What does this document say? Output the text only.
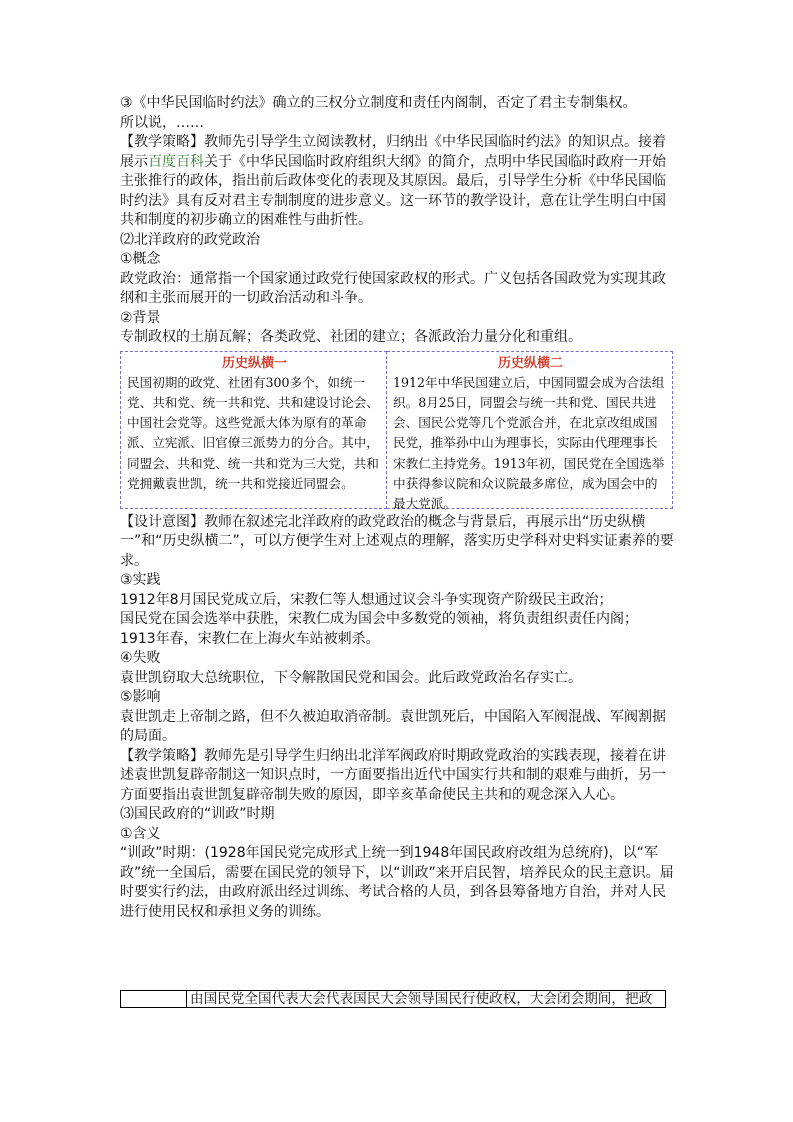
③《中华民国临时约法》确立的三权分立制度和责任内阁制，否定了君主专制集权。

所以说，……

【教学策略】教师先引导学生立阅读教材，归纳出《中华民国临时约法》的知识点。接着展示百度百科关于《中华民国临时政府组织大纲》的简介，点明中华民国临时政府一开始主张推行的政体，指出前后政体变化的表现及其原因。最后，引导学生分析《中华民国临时约法》具有反对君主专制制度的进步意义。这一环节的教学设计，意在让学生明白中国共和制度的初步确立的困难性与曲折性。

⑵北洋政府的政党政治

①概念

政党政治：通常指一个国家通过政党行使国家政权的形式。广义包括各国政党为实现其政纲和主张而展开的一切政治活动和斗争。

②背景

专制政权的土崩瓦解；各类政党、社团的建立；各派政治力量分化和重组。

历史纵横一
民国初期的政党、社团有300多个，如统一党、共和党、统一共和党、共和建设讨论会、中国社会党等。这些党派大体为原有的革命派、立宪派、旧官僚三派势力的分合。其中，同盟会、共和党、统一共和党为三大党，共和党拥戴袁世凯，统一共和党接近同盟会。
历史纵横二
1912年中华民国建立后，中国同盟会成为合法组织。8月25日，同盟会与统一共和党、国民共进会、国民公党等几个党派合并，在北京改组成国民党，推举孙中山为理事长，实际由代理理事长宋教仁主持党务。1913年初，国民党在全国选举中获得参议院和众议院最多席位，成为国会中的最大党派。

【设计意图】教师在叙述完北洋政府的政党政治的概念与背景后，再展示出“历史纵横一”和“历史纵横二”，可以方便学生对上述观点的理解，落实历史学科对史料实证素养的要求。

③实践

1912年8月国民党成立后，宋教仁等人想通过议会斗争实现资产阶级民主政治；

国民党在国会选举中获胜，宋教仁成为国会中多数党的领袖，将负责组织责任内阁；

1913年春，宋教仁在上海火车站被刺杀。

④失败

袁世凯窃取大总统职位，下令解散国民党和国会。此后政党政治名存实亡。

⑤影响

袁世凯走上帝制之路，但不久被迫取消帝制。袁世凯死后，中国陷入军阀混战、军阀割据的局面。

【教学策略】教师先是引导学生归纳出北洋军阀政府时期政党政治的实践表现，接着在讲述袁世凯复辟帝制这一知识点时，一方面要指出近代中国实行共和制的艰难与曲折，另一方面要指出袁世凯复辟帝制失败的原因，即辛亥革命使民主共和的观念深入人心。

⑶国民政府的“训政”时期

①含义

“训政”时期：(1928年国民党完成形式上统一到1948年国民政府改组为总统府)，以“军政”统一全国后，需要在国民党的领导下，以“训政”来开启民智，培养民众的民主意识。届时要实行约法，由政府派出经过训练、考试合格的人员，到各县筹备地方自治，并对人民进行使用民权和承担义务的训练。

由国民党全国代表大会代表国民大会领导国民行使政权，大会闭会期间，把政
